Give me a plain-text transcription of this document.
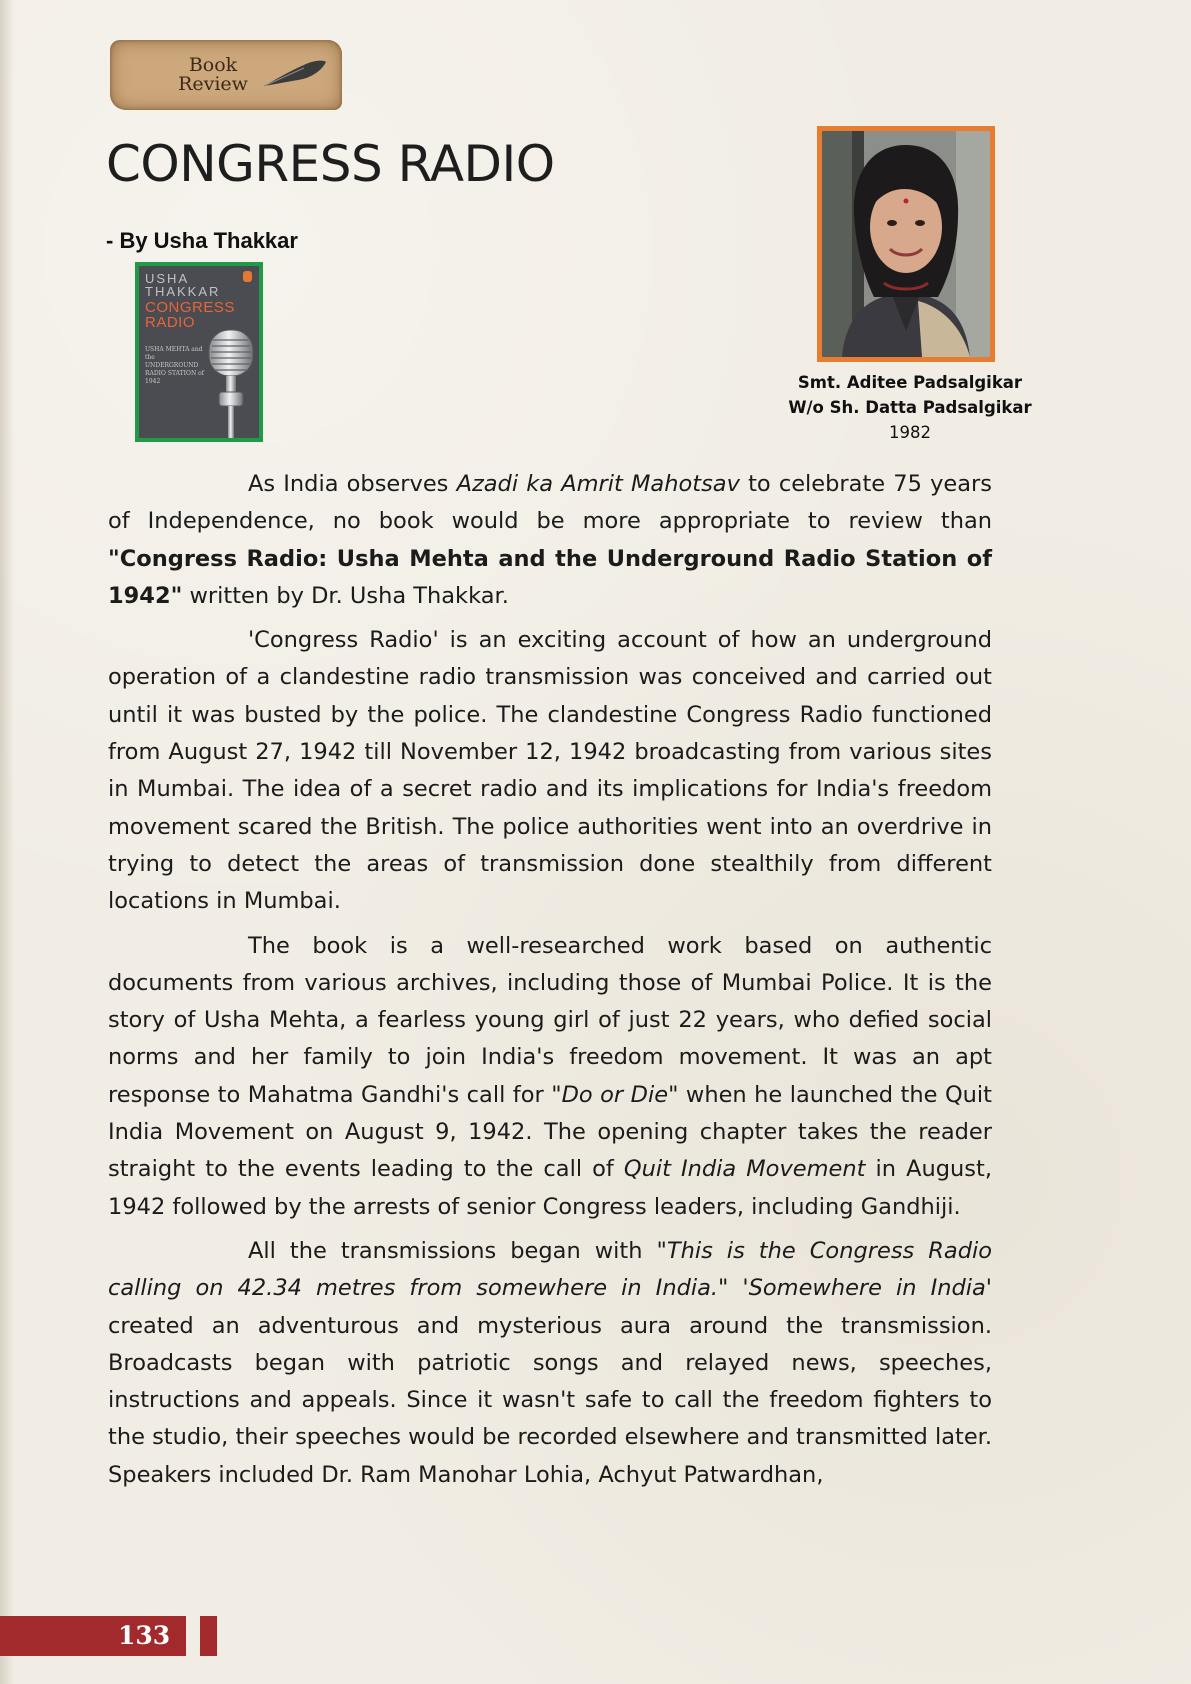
Book
Review
CONGRESS RADIO
- By Usha Thakkar
USHA THAKKAR
CONGRESS RADIO
USHA MEHTA and the UNDERGROUND RADIO STATION of 1942	Smt. Aditee Padsalgikar
W/o Sh. Datta Padsalgikar
1982

As India observes Azadi ka Amrit Mahotsav to celebrate 75 years of Independence, no book would be more appropriate to review than "Congress Radio: Usha Mehta and the Underground Radio Station of 1942" written by Dr. Usha Thakkar.

'Congress Radio' is an exciting account of how an underground operation of a clandestine radio transmission was conceived and carried out until it was busted by the police. The clandestine Congress Radio functioned from August 27, 1942 till November 12, 1942 broadcasting from various sites in Mumbai. The idea of a secret radio and its implications for India's freedom movement scared the British. The police authorities went into an overdrive in trying to detect the areas of transmission done stealthily from different locations in Mumbai.

The book is a well-researched work based on authentic documents from various archives, including those of Mumbai Police. It is the story of Usha Mehta, a fearless young girl of just 22 years, who defied social norms and her family to join India's freedom movement. It was an apt response to Mahatma Gandhi's call for "Do or Die" when he launched the Quit India Movement on August 9, 1942. The opening chapter takes the reader straight to the events leading to the call of Quit India Movement in August, 1942 followed by the arrests of senior Congress leaders, including Gandhiji.

All the transmissions began with "This is the Congress Radio calling on 42.34 metres from somewhere in India." 'Somewhere in India' created an adventurous and mysterious aura around the transmission. Broadcasts began with patriotic songs and relayed news, speeches, instructions and appeals. Since it wasn't safe to call the freedom fighters to the studio, their speeches would be recorded elsewhere and transmitted later. Speakers included Dr. Ram Manohar Lohia, Achyut Patwardhan,

133
